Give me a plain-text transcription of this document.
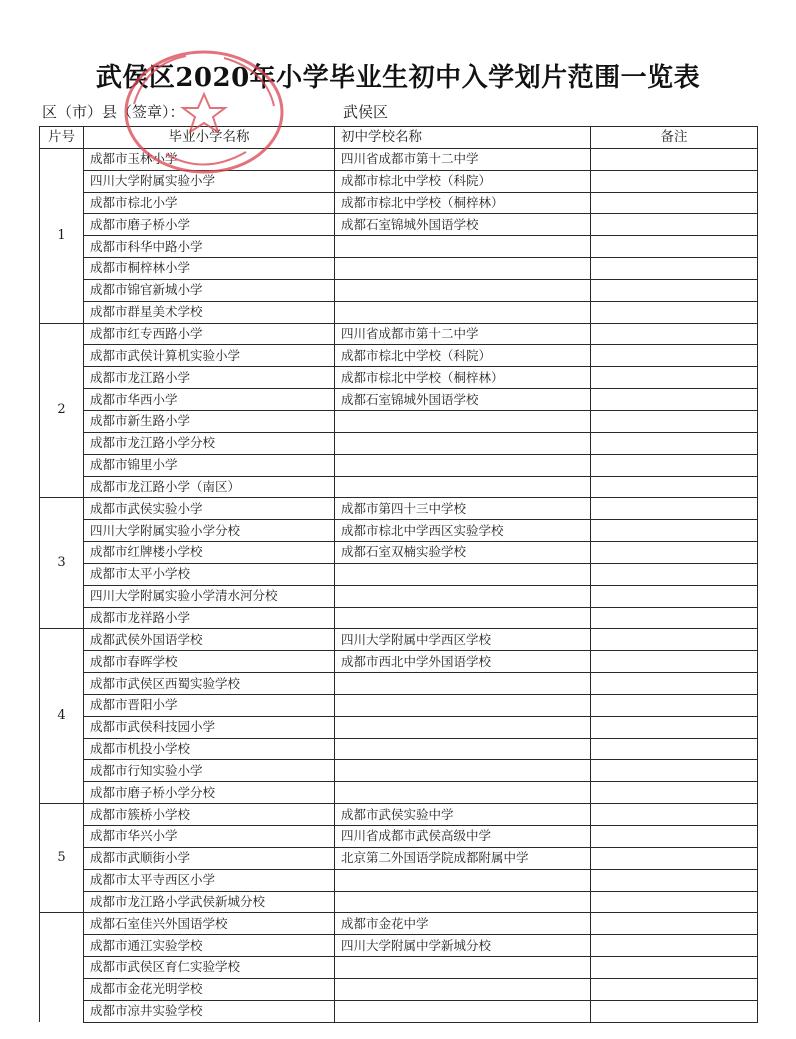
武侯区2020年小学毕业生初中入学划片范围一览表
区（市）县（签章）：	武侯区
片号	毕业小学名称	初中学校名称	备注
1	成都市玉林小学	四川省成都市第十二中学	
	四川大学附属实验小学	成都市棕北中学校（科院）	
	成都市棕北小学	成都市棕北中学校（桐梓林）	
	成都市磨子桥小学	成都石室锦城外国语学校	
	成都市科华中路小学		
	成都市桐梓林小学		
	成都市锦官新城小学		
	成都市群星美术学校		
2	成都市红专西路小学	四川省成都市第十二中学	
	成都市武侯计算机实验小学	成都市棕北中学校（科院）	
	成都市龙江路小学	成都市棕北中学校（桐梓林）	
	成都市华西小学	成都石室锦城外国语学校	
	成都市新生路小学		
	成都市龙江路小学分校		
	成都市锦里小学		
	成都市龙江路小学（南区）		
3	成都市武侯实验小学	成都市第四十三中学校	
	四川大学附属实验小学分校	成都市棕北中学西区实验学校	
	成都市红牌楼小学校	成都石室双楠实验学校	
	成都市太平小学校		
	四川大学附属实验小学清水河分校		
	成都市龙祥路小学		
4	成都武侯外国语学校	四川大学附属中学西区学校	
	成都市春晖学校	成都市西北中学外国语学校	
	成都市武侯区西蜀实验学校		
	成都市晋阳小学		
	成都市武侯科技园小学		
	成都市机投小学校		
	成都市行知实验小学		
	成都市磨子桥小学分校		
5	成都市簇桥小学校	成都市武侯实验中学	
	成都市华兴小学	四川省成都市武侯高级中学	
	成都市武顺街小学	北京第二外国语学院成都附属中学	
	成都市太平寺西区小学		
	成都市龙江路小学武侯新城分校		
	成都石室佳兴外国语学校	成都市金花中学	
	成都市通江实验学校	四川大学附属中学新城分校	
	成都市武侯区育仁实验学校		
	成都市金花光明学校		
	成都市凉井实验学校		
